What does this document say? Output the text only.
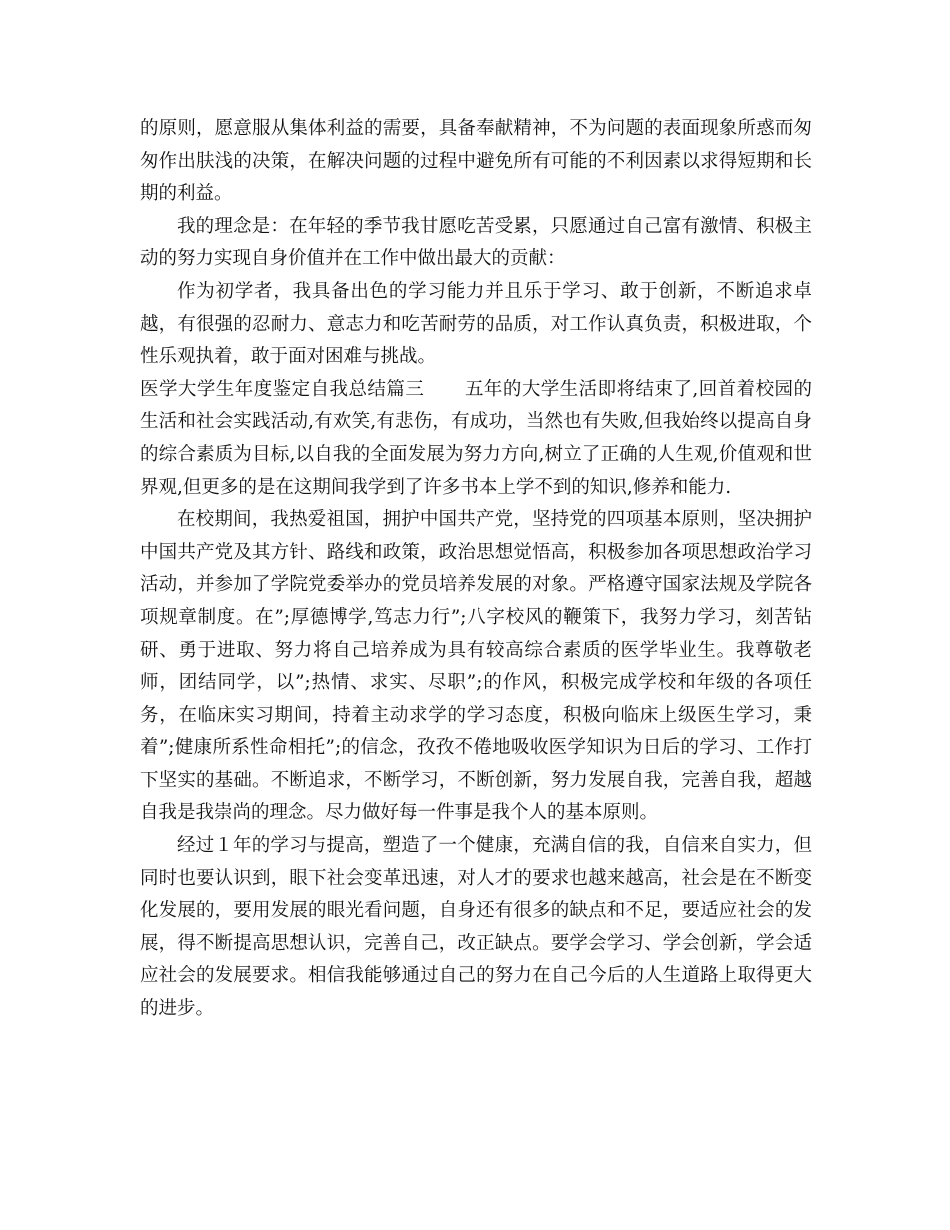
的原则，愿意服从集体利益的需要，具备奉献精神，不为问题的表面现象所惑而匆匆作出肤浅的决策，在解决问题的过程中避免所有可能的不利因素以求得短期和长期的利益。

我的理念是：在年轻的季节我甘愿吃苦受累，只愿通过自己富有激情、积极主动的努力实现自身价值并在工作中做出最大的贡献：

作为初学者，我具备出色的学习能力并且乐于学习、敢于创新，不断追求卓越，有很强的忍耐力、意志力和吃苦耐劳的品质，对工作认真负责，积极进取，个性乐观执着，敢于面对困难与挑战。

医学大学生年度鉴定自我总结篇三 五年的大学生活即将结束了,回首着校园的生活和社会实践活动,有欢笑,有悲伤，有成功，当然也有失败,但我始终以提高自身的综合素质为目标,以自我的全面发展为努力方向,树立了正确的人生观,价值观和世界观,但更多的是在这期间我学到了许多书本上学不到的知识,修养和能力.

在校期间，我热爱祖国，拥护中国共产党，坚持党的四项基本原则，坚决拥护中国共产党及其方针、路线和政策，政治思想觉悟高，积极参加各项思想政治学习活动，并参加了学院党委举办的党员培养发展的对象。严格遵守国家法规及学院各项规章制度。在”;厚德博学,笃志力行”;八字校风的鞭策下，我努力学习，刻苦钻研、勇于进取、努力将自己培养成为具有较高综合素质的医学毕业生。我尊敬老师，团结同学，以”;热情、求实、尽职”;的作风，积极完成学校和年级的各项任务，在临床实习期间，持着主动求学的学习态度，积极向临床上级医生学习，秉着”;健康所系性命相托”;的信念，孜孜不倦地吸收医学知识为日后的学习、工作打下坚实的基础。不断追求，不断学习，不断创新，努力发展自我，完善自我，超越自我是我崇尚的理念。尽力做好每一件事是我个人的基本原则。

经过１年的学习与提高，塑造了一个健康，充满自信的我，自信来自实力，但同时也要认识到，眼下社会变革迅速，对人才的要求也越来越高，社会是在不断变化发展的，要用发展的眼光看问题，自身还有很多的缺点和不足，要适应社会的发展，得不断提高思想认识，完善自己，改正缺点。要学会学习、学会创新，学会适应社会的发展要求。相信我能够通过自己的努力在自己今后的人生道路上取得更大的进步。
